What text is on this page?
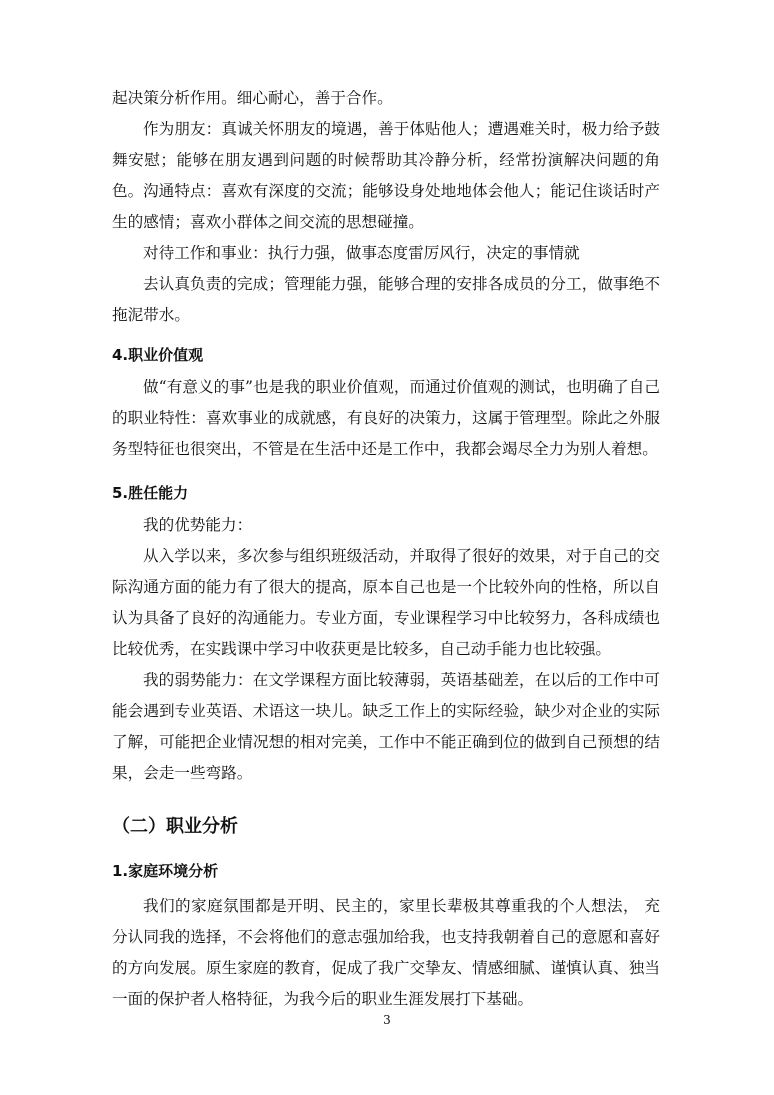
起决策分析作用。细心耐心，善于合作。

作为朋友：真诚关怀朋友的境遇，善于体贴他人；遭遇难关时，极力给予鼓舞安慰；能够在朋友遇到问题的时候帮助其冷静分析，经常扮演解决问题的角色。 沟通特点：喜欢有深度的交流；能够设身处地地体会他人；能记住谈话时产生的感情；喜欢小群体之间交流的思想碰撞。

对待工作和事业：执行力强，做事态度雷厉风行，决定的事情就

去认真负责的完成；管理能力强，能够合理的安排各成员的分工，做事绝不拖泥带水。

4.职业价值观

做“有意义的事”也是我的职业价值观，而通过价值观的测试，也明确了自己的职业特性：喜欢事业的成就感，有良好的决策力，这属于管理型。除此之外服务型特征也很突出，不管是在生活中还是工作中，我都会竭尽全力为别人着想。

5.胜任能力

我的优势能力：

从入学以来，多次参与组织班级活动，并取得了很好的效果，对于自己的交际沟通方面的能力有了很大的提高，原本自己也是一个比较外向的性格，所以自认为具备了良好的沟通能力。专业方面，专业课程学习中比较努力，各科成绩也比较优秀，在实践课中学习中收获更是比较多，自己动手能力也比较强。

我的弱势能力：在文学课程方面比较薄弱，英语基础差，在以后的工作中可能会遇到专业英语、术语这一块儿。缺乏工作上的实际经验，缺少对企业的实际了解，可能把企业情况想的相对完美，工作中不能正确到位的做到自己预想的结果，会走一些弯路。

（二）职业分析
1.家庭环境分析

我们的家庭氛围都是开明、民主的，家里长辈极其尊重我的个人想法， 充分认同我的选择，不会将他们的意志强加给我，也支持我朝着自己的意愿和喜好的方向发展。原生家庭的教育，促成了我广交挚友、情感细腻、谨慎认真、独当一面的保护者人格特征，为我今后的职业生涯发展打下基础。

3
